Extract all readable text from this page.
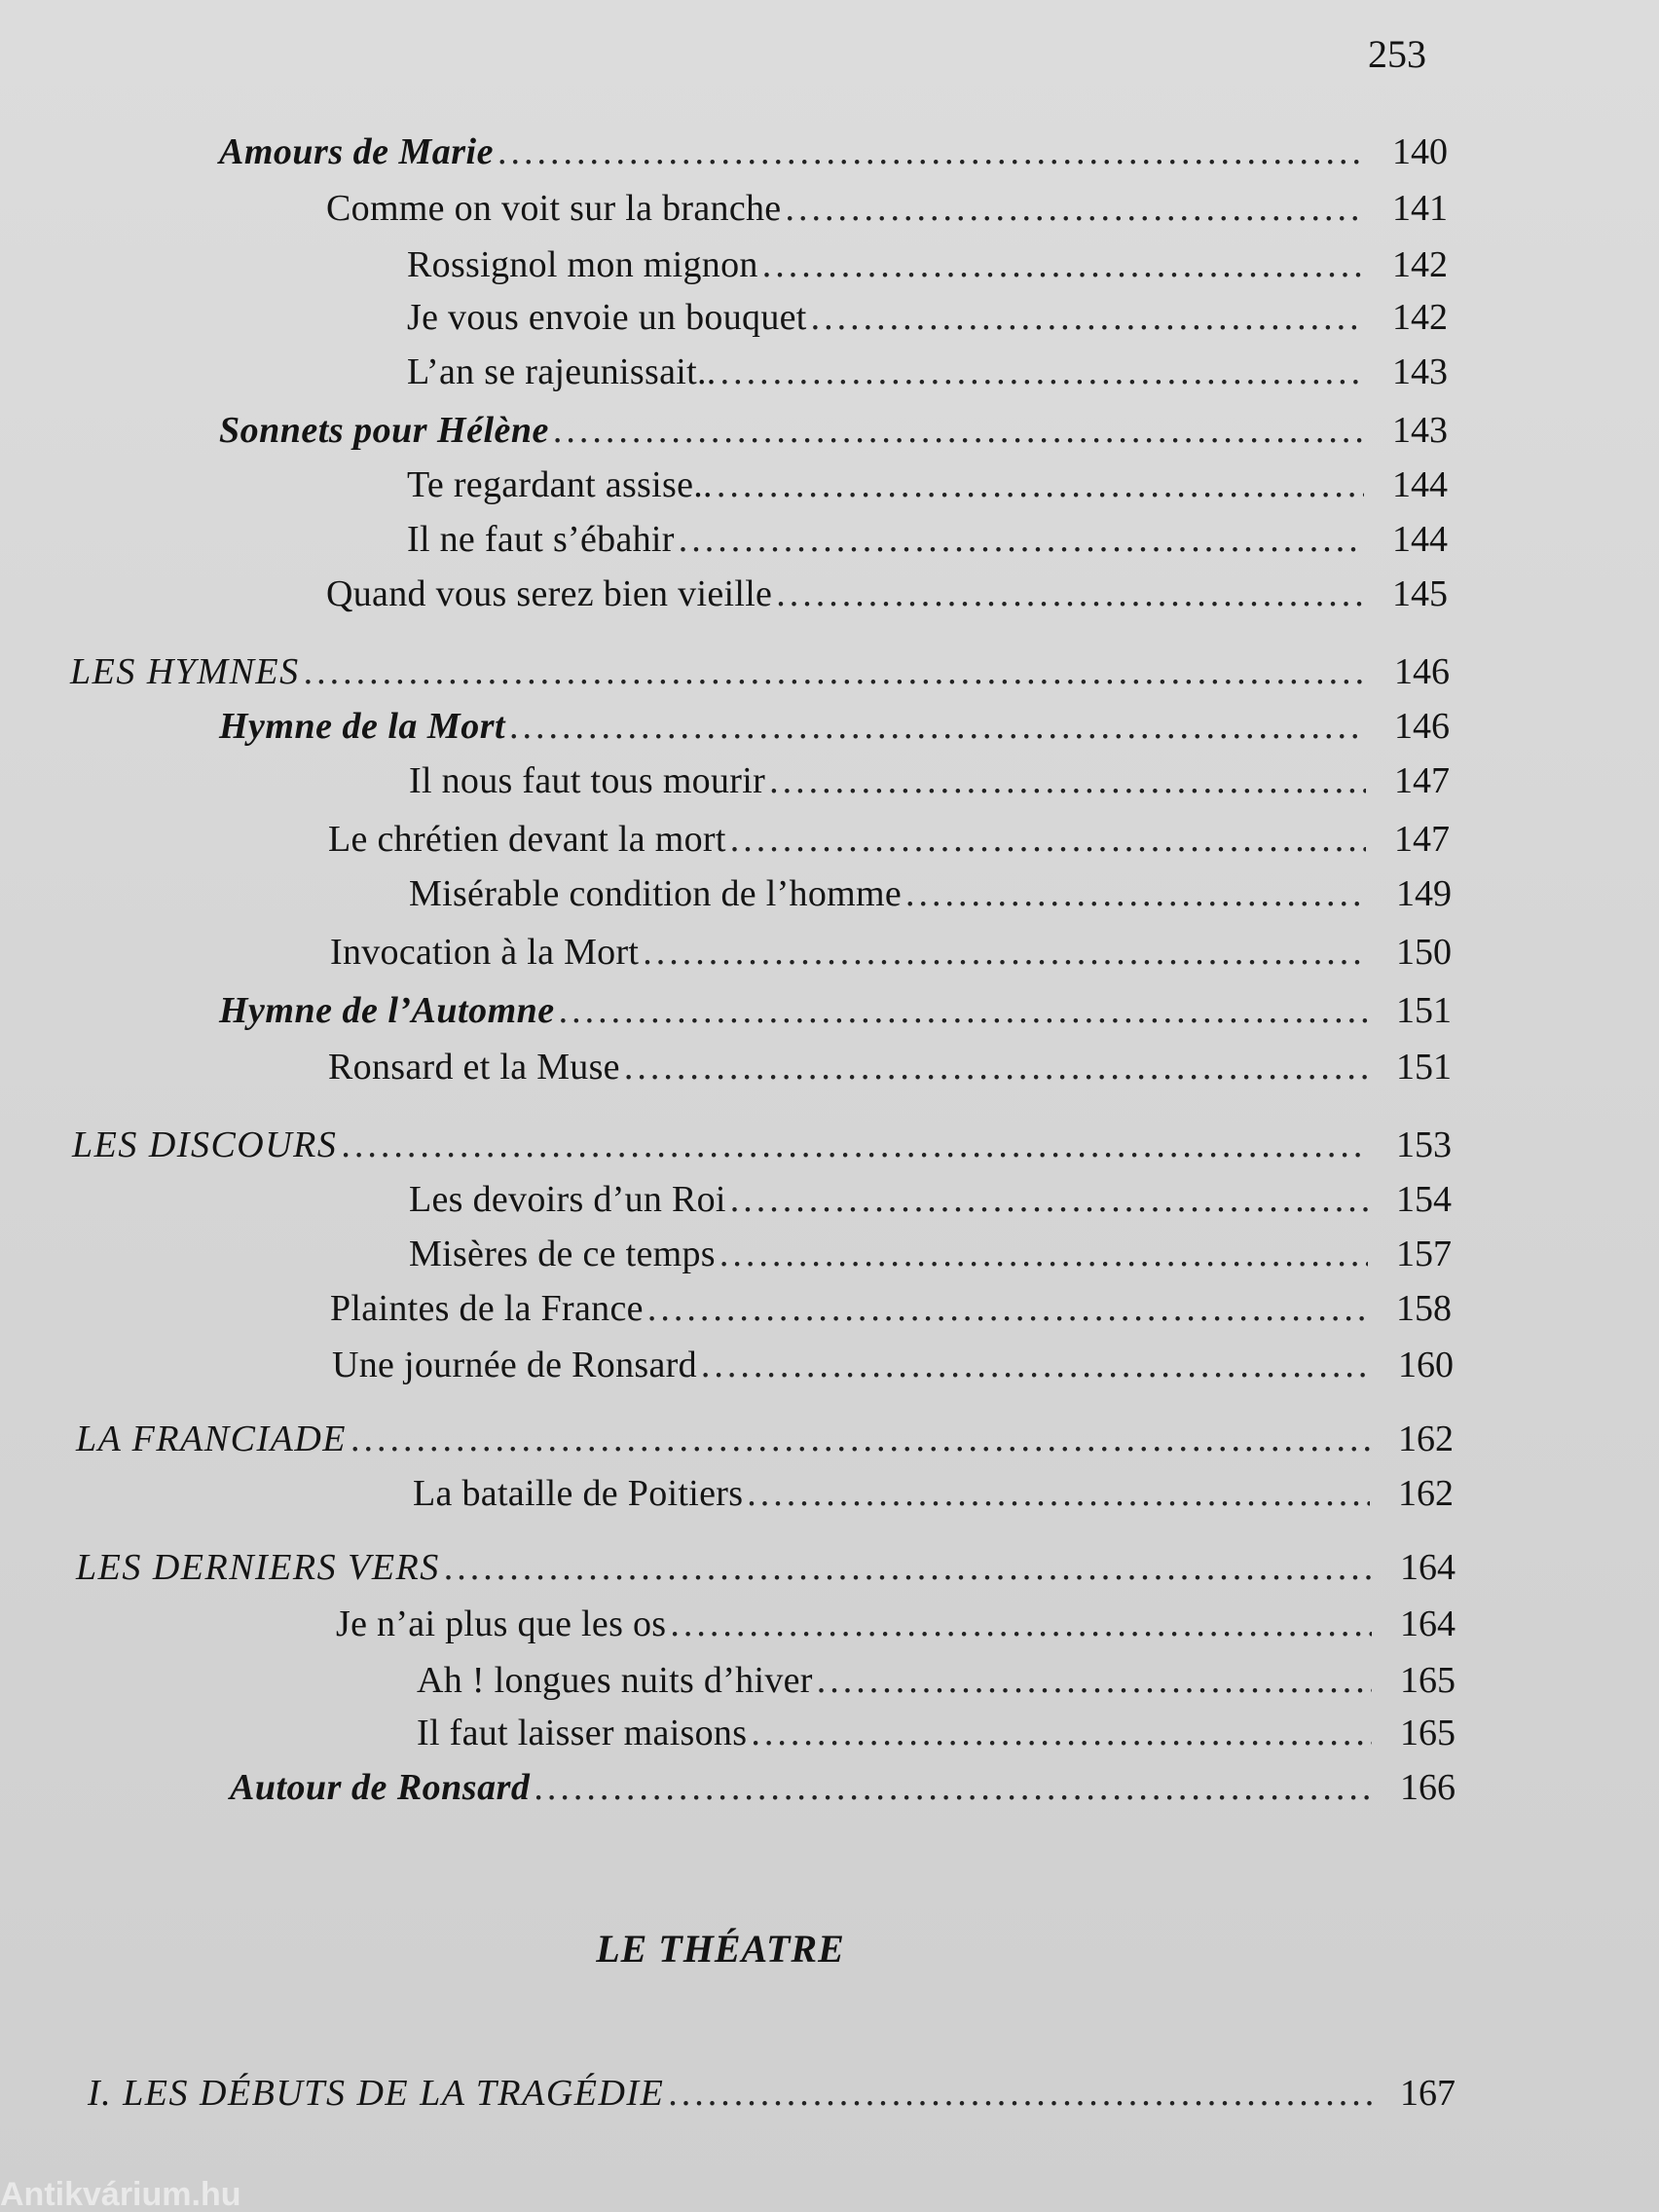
253
Amours de Marie .....	140
Comme on voit sur la branche .....	141
Rossignol mon mignon .....	142
Je vous envoie un bouquet .....	142
L’an se rajeunissait.. .....	143
Sonnets pour Hélène .....	143
Te regardant assise.. .....	144
Il ne faut s’ébahir .....	144
Quand vous serez bien vieille .....	145
LES HYMNES .....	146
Hymne de la Mort .....	146
Il nous faut tous mourir .....	147
Le chrétien devant la mort .....	147
Misérable condition de l’homme .....	149
Invocation à la Mort .....	150
Hymne de l’Automne .....	151
Ronsard et la Muse .....	151
LES DISCOURS .....	153
Les devoirs d’un Roi .....	154
Misères de ce temps .....	157
Plaintes de la France .....	158
Une journée de Ronsard .....	160
LA FRANCIADE .....	162
La bataille de Poitiers .....	162
LES DERNIERS VERS .....	164
Je n’ai plus que les os .....	164
Ah ! longues nuits d’hiver .....	165
Il faut laisser maisons .....	165
Autour de Ronsard .....	166
LE THÉATRE
I. LES DÉBUTS DE LA TRAGÉDIE .....	167
Antikvárium.hu
